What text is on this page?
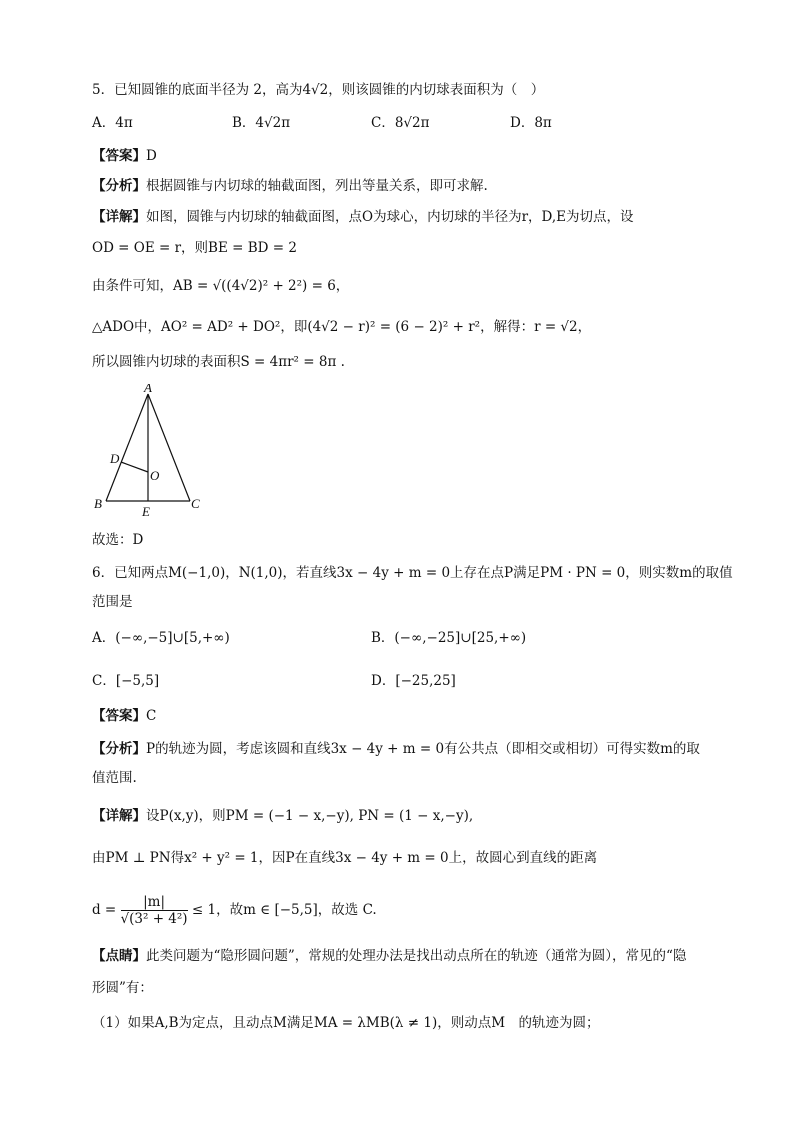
5．已知圆锥的底面半径为 2，高为4√2，则该圆锥的内切球表面积为（　）
A．4π	B．4√2π	C．8√2π	D．8π
【答案】D
【分析】根据圆锥与内切球的轴截面图，列出等量关系，即可求解.
【详解】如图，圆锥与内切球的轴截面图，点O为球心，内切球的半径为r，D,E为切点，设
OD = OE = r，则BE = BD = 2
由条件可知，AB = √((4√2)² + 2²) = 6，
△ADO中，AO² = AD² + DO²，即(4√2 − r)² = (6 − 2)² + r²，解得：r = √2，
所以圆锥内切球的表面积S = 4πr² = 8π .
A
D
O
B	C
E
故选：D
6．已知两点M(−1,0)，N(1,0)，若直线3x − 4y + m = 0上存在点P满足PM · PN = 0，则实数m的取值
范围是
A．(−∞,−5]∪[5,+∞)	B．(−∞,−25]∪[25,+∞)
C．[−5,5]	D．[−25,25]
【答案】C
【分析】P的轨迹为圆，考虑该圆和直线3x − 4y + m = 0有公共点（即相交或相切）可得实数m的取
值范围.
【详解】设P(x,y)，则PM = (−1 − x,−y), PN = (1 − x,−y),
由PM ⊥ PN得x² + y² = 1，因P在直线3x − 4y + m = 0上，故圆心到直线的距离
$d = \frac{|m|}{\text{√(3² + 4²)}} \le 1$，故m ∈ [−5,5]，故选 C.
【点睛】此类问题为“隐形圆问题”，常规的处理办法是找出动点所在的轨迹（通常为圆），常见的“隐
形圆”有：
（1）如果A,B为定点，且动点M满足MA = λMB(λ ≠ 1)，则动点M　的轨迹为圆；
